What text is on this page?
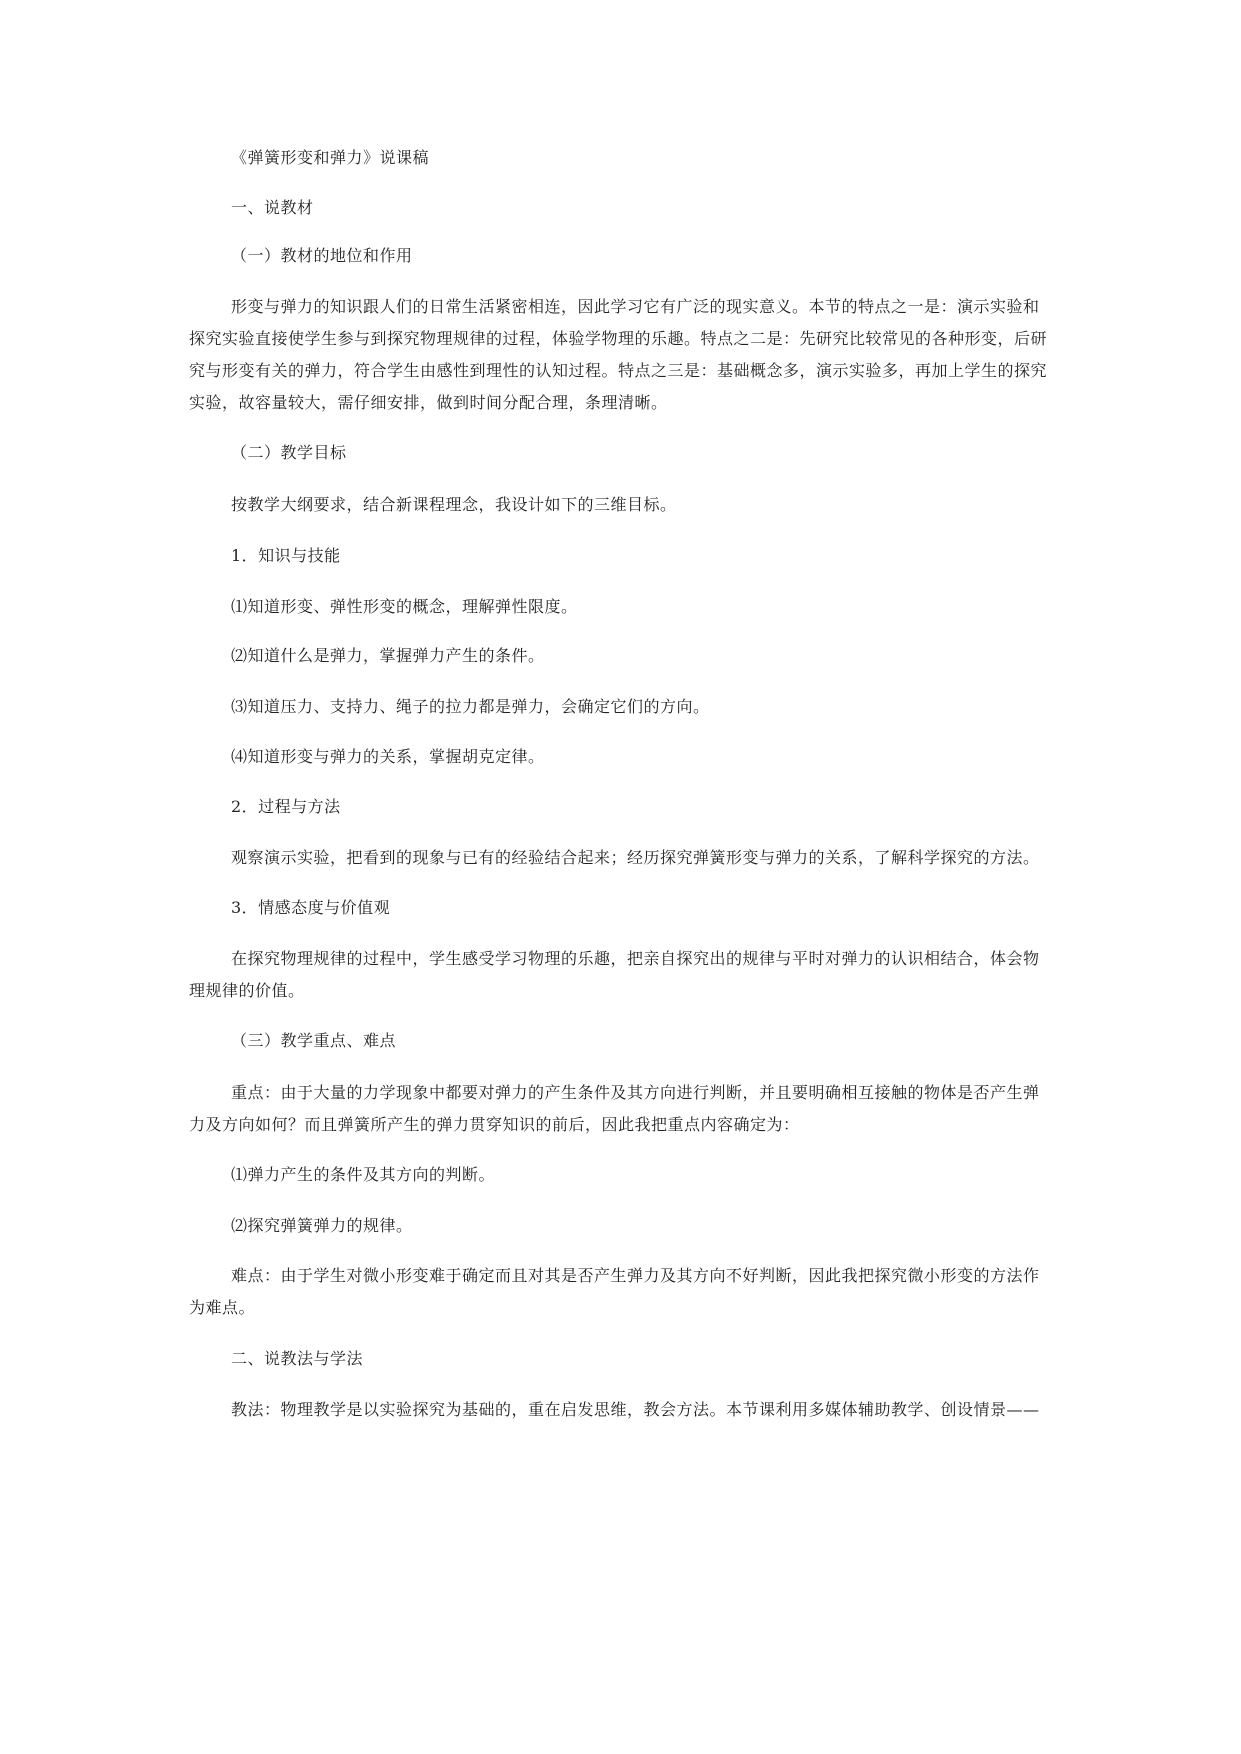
《弹簧形变和弹力》说课稿
一、说教材
（一）教材的地位和作用
形变与弹力的知识跟人们的日常生活紧密相连，因此学习它有广泛的现实意义。本节的特点之一是：演示实验和
探究实验直接使学生参与到探究物理规律的过程，体验学物理的乐趣。特点之二是：先研究比较常见的各种形变，后研
究与形变有关的弹力，符合学生由感性到理性的认知过程。特点之三是：基础概念多，演示实验多，再加上学生的探究
实验，故容量较大，需仔细安排，做到时间分配合理，条理清晰。
（二）教学目标
按教学大纲要求，结合新课程理念，我设计如下的三维目标。
1．知识与技能
⑴知道形变、弹性形变的概念，理解弹性限度。
⑵知道什么是弹力，掌握弹力产生的条件。
⑶知道压力、支持力、绳子的拉力都是弹力，会确定它们的方向。
⑷知道形变与弹力的关系，掌握胡克定律。
2．过程与方法
观察演示实验，把看到的现象与已有的经验结合起来；经历探究弹簧形变与弹力的关系，了解科学探究的方法。
3．情感态度与价值观
在探究物理规律的过程中，学生感受学习物理的乐趣，把亲自探究出的规律与平时对弹力的认识相结合，体会物
理规律的价值。
（三）教学重点、难点
重点：由于大量的力学现象中都要对弹力的产生条件及其方向进行判断，并且要明确相互接触的物体是否产生弹
力及方向如何？而且弹簧所产生的弹力贯穿知识的前后，因此我把重点内容确定为：
⑴弹力产生的条件及其方向的判断。
⑵探究弹簧弹力的规律。
难点：由于学生对微小形变难于确定而且对其是否产生弹力及其方向不好判断，因此我把探究微小形变的方法作
为难点。
二、说教法与学法
教法：物理教学是以实验探究为基础的，重在启发思维，教会方法。本节课利用多媒体辅助教学、创设情景——
